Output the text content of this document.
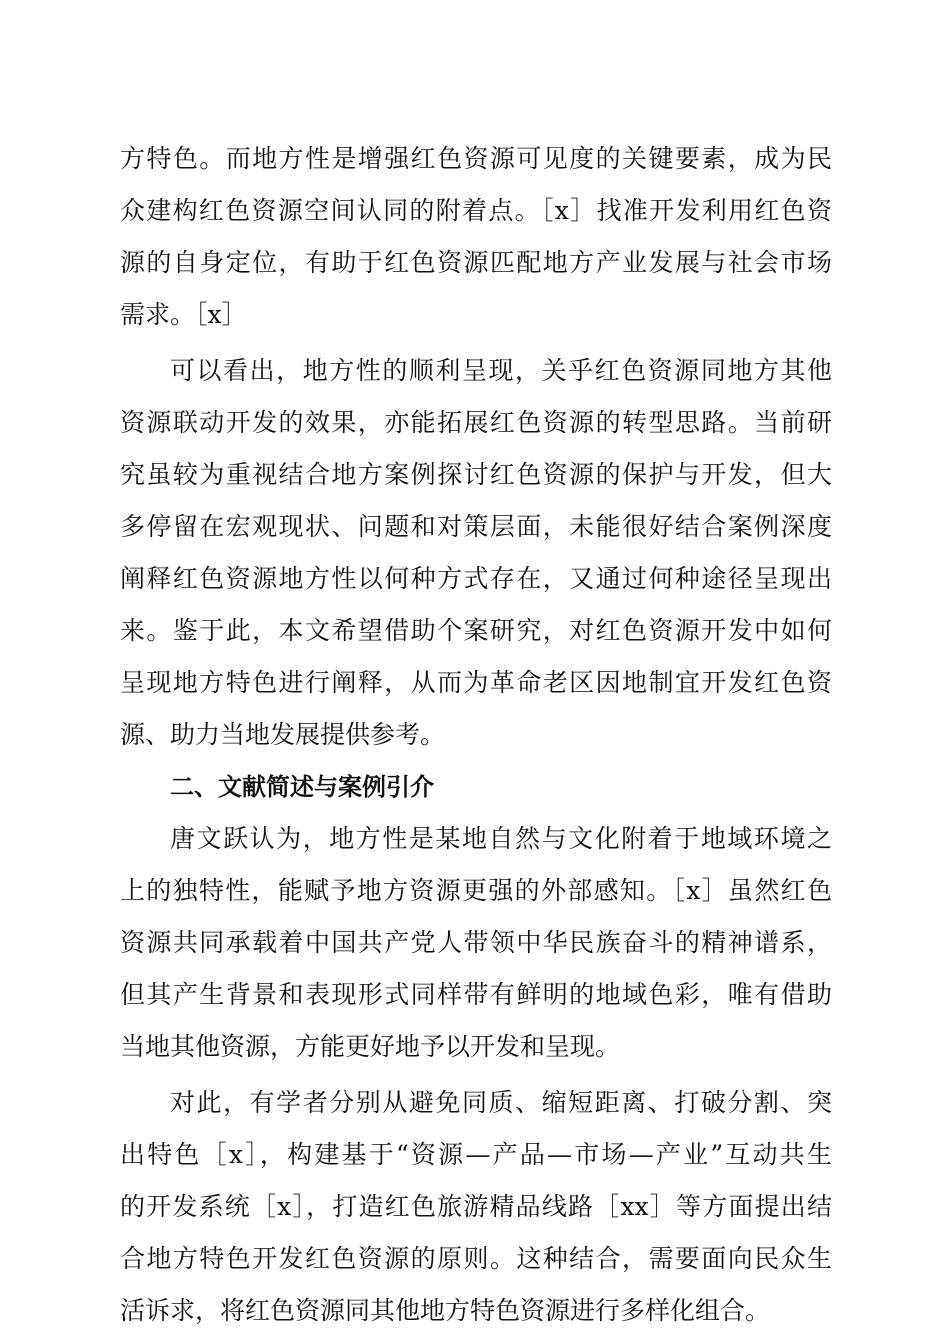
方特色。而地方性是增强红色资源可见度的关键要素，成为民
众建构红色资源空间认同的附着点。［x］找准开发利用红色资
源的自身定位，有助于红色资源匹配地方产业发展与社会市场
需求。［x］
可以看出，地方性的顺利呈现，关乎红色资源同地方其他
资源联动开发的效果，亦能拓展红色资源的转型思路。当前研
究虽较为重视结合地方案例探讨红色资源的保护与开发，但大
多停留在宏观现状、问题和对策层面，未能很好结合案例深度
阐释红色资源地方性以何种方式存在，又通过何种途径呈现出
来。鉴于此，本文希望借助个案研究，对红色资源开发中如何
呈现地方特色进行阐释，从而为革命老区因地制宜开发红色资
源、助力当地发展提供参考。
二、文献简述与案例引介
唐文跃认为，地方性是某地自然与文化附着于地域环境之
上的独特性，能赋予地方资源更强的外部感知。［x］虽然红色
资源共同承载着中国共产党人带领中华民族奋斗的精神谱系，
但其产生背景和表现形式同样带有鲜明的地域色彩，唯有借助
当地其他资源，方能更好地予以开发和呈现。
对此，有学者分别从避免同质、缩短距离、打破分割、突
出特色［x］，构建基于“资源—产品—市场—产业”互动共生
的开发系统［x］，打造红色旅游精品线路［xx］等方面提出结
合地方特色开发红色资源的原则。这种结合，需要面向民众生
活诉求，将红色资源同其他地方特色资源进行多样化组合。
